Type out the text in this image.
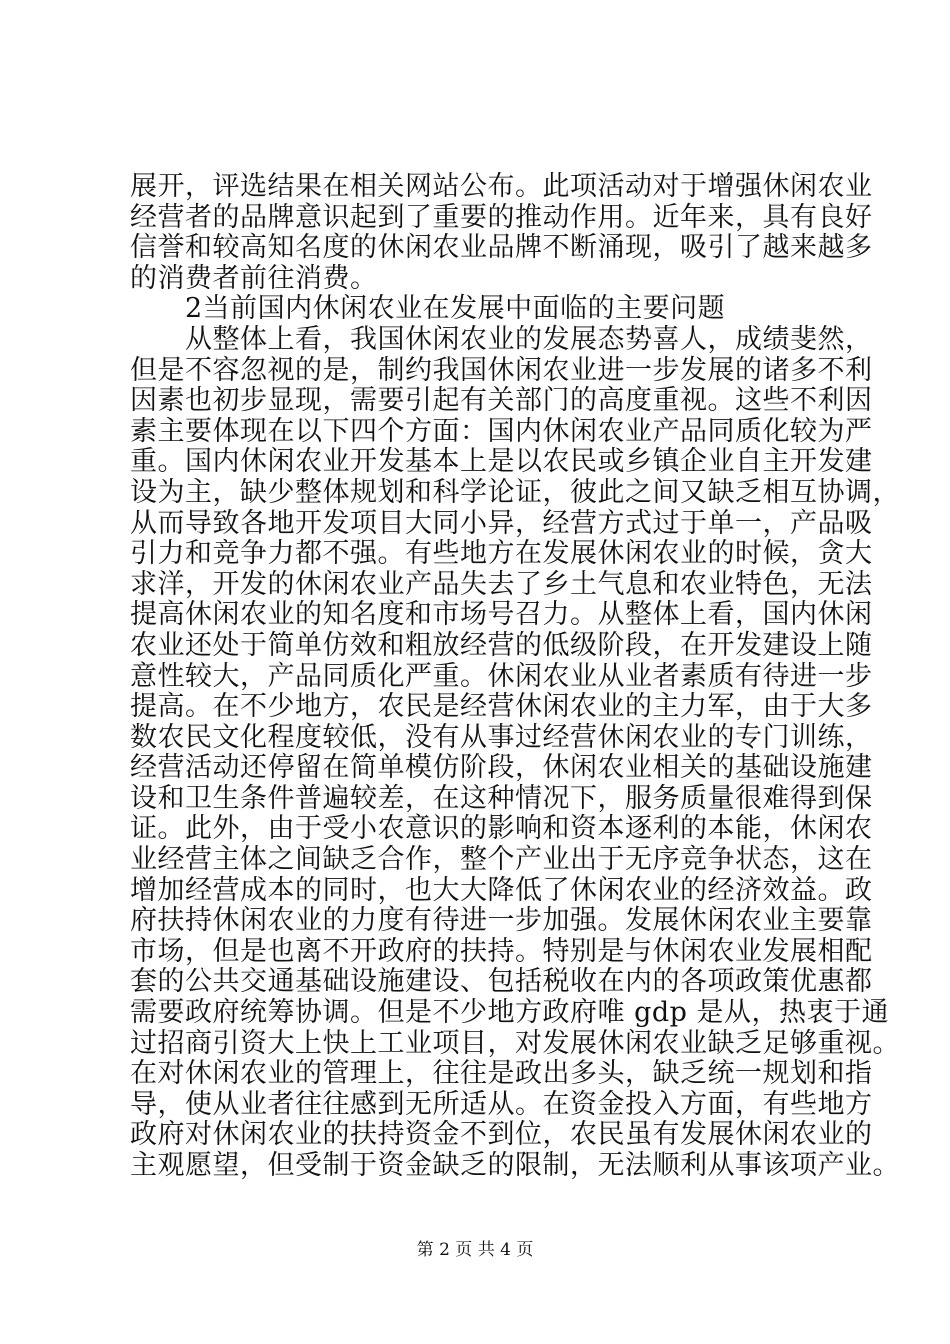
展开，评选结果在相关网站公布。此项活动对于增强休闲农业
经营者的品牌意识起到了重要的推动作用。近年来，具有良好
信誉和较高知名度的休闲农业品牌不断涌现，吸引了越来越多
的消费者前往消费。
　　2当前国内休闲农业在发展中面临的主要问题
　　从整体上看，我国休闲农业的发展态势喜人，成绩斐然，
但是不容忽视的是，制约我国休闲农业进一步发展的诸多不利
因素也初步显现，需要引起有关部门的高度重视。这些不利因
素主要体现在以下四个方面：国内休闲农业产品同质化较为严
重。国内休闲农业开发基本上是以农民或乡镇企业自主开发建
设为主，缺少整体规划和科学论证，彼此之间又缺乏相互协调，
从而导致各地开发项目大同小异，经营方式过于单一，产品吸
引力和竞争力都不强。有些地方在发展休闲农业的时候，贪大
求洋，开发的休闲农业产品失去了乡土气息和农业特色，无法
提高休闲农业的知名度和市场号召力。从整体上看，国内休闲
农业还处于简单仿效和粗放经营的低级阶段，在开发建设上随
意性较大，产品同质化严重。休闲农业从业者素质有待进一步
提高。在不少地方，农民是经营休闲农业的主力军，由于大多
数农民文化程度较低，没有从事过经营休闲农业的专门训练，
经营活动还停留在简单模仿阶段，休闲农业相关的基础设施建
设和卫生条件普遍较差，在这种情况下，服务质量很难得到保
证。此外，由于受小农意识的影响和资本逐利的本能，休闲农
业经营主体之间缺乏合作，整个产业出于无序竞争状态，这在
增加经营成本的同时，也大大降低了休闲农业的经济效益。政
府扶持休闲农业的力度有待进一步加强。发展休闲农业主要靠
市场，但是也离不开政府的扶持。特别是与休闲农业发展相配
套的公共交通基础设施建设、包括税收在内的各项政策优惠都
需要政府统筹协调。但是不少地方政府唯 gdp 是从，热衷于通
过招商引资大上快上工业项目，对发展休闲农业缺乏足够重视。
在对休闲农业的管理上，往往是政出多头，缺乏统一规划和指
导，使从业者往往感到无所适从。在资金投入方面，有些地方
政府对休闲农业的扶持资金不到位，农民虽有发展休闲农业的
主观愿望，但受制于资金缺乏的限制，无法顺利从事该项产业。
第 2 页 共 4 页
